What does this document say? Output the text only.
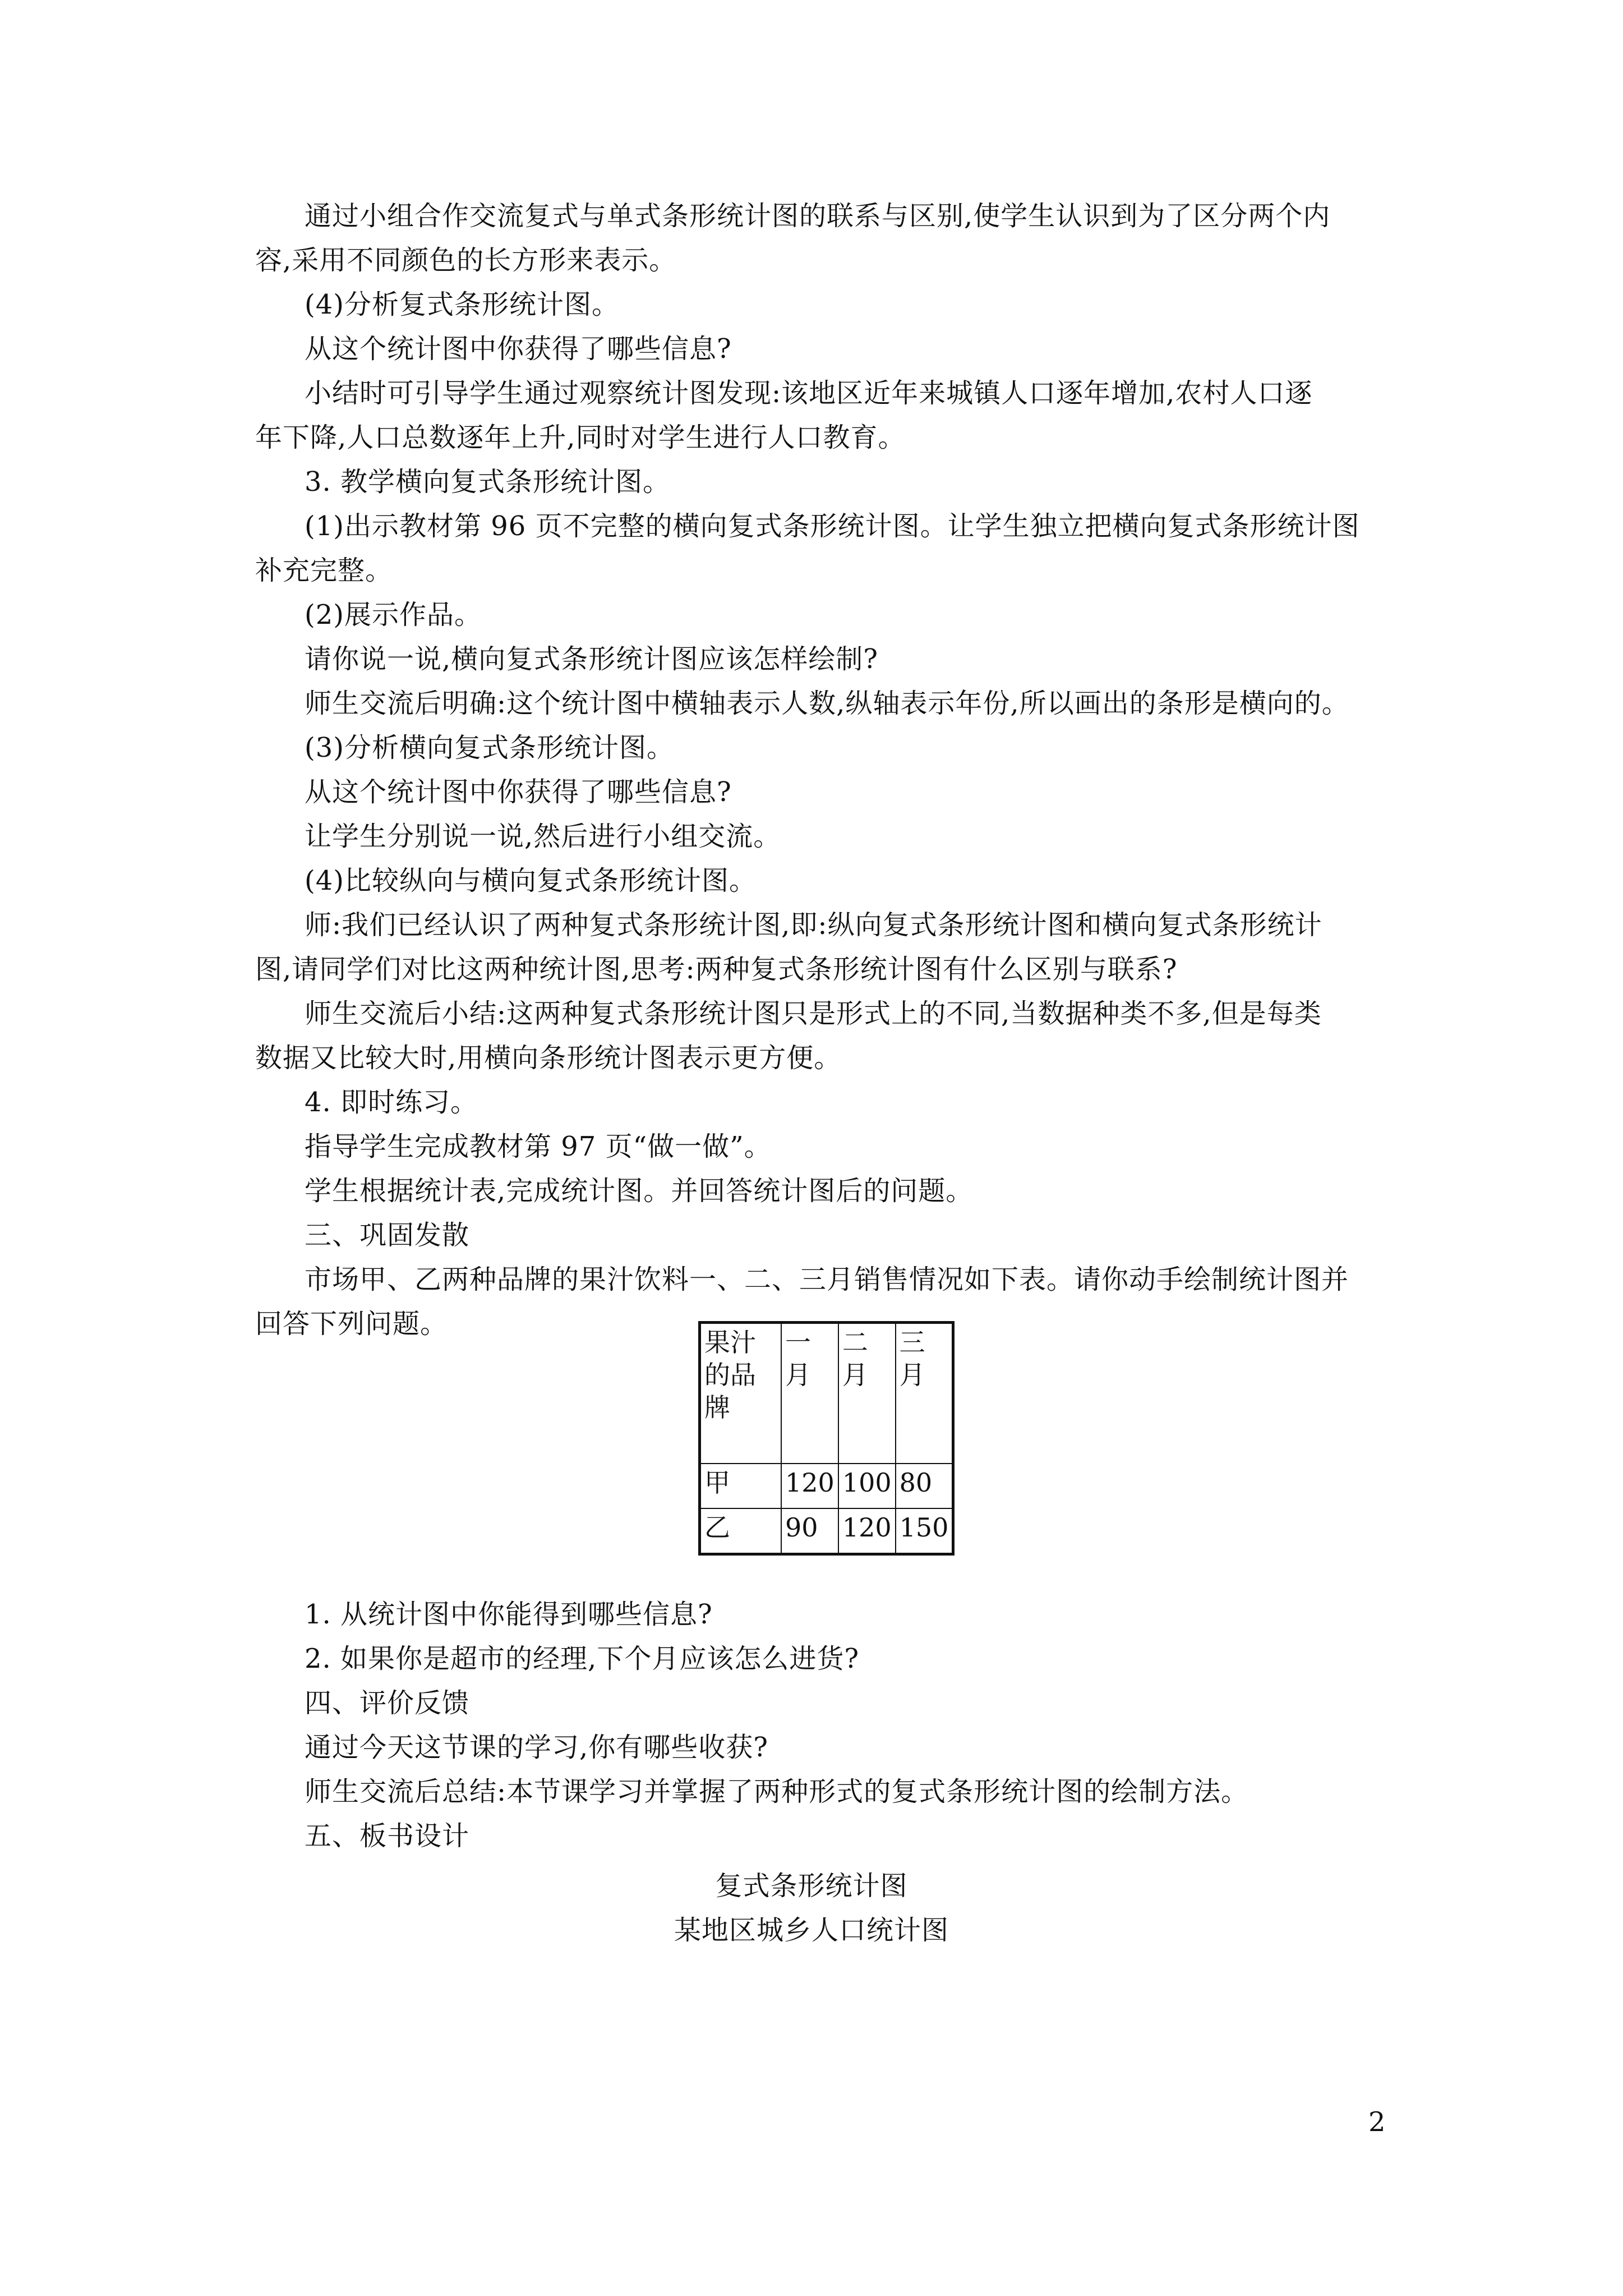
通过小组合作交流复式与单式条形统计图的联系与区别,使学生认识到为了区分两个内
容,采用不同颜色的长方形来表示。
(4)分析复式条形统计图。
从这个统计图中你获得了哪些信息?
小结时可引导学生通过观察统计图发现:该地区近年来城镇人口逐年增加,农村人口逐
年下降,人口总数逐年上升,同时对学生进行人口教育。
3. 教学横向复式条形统计图。
(1)出示教材第 96 页不完整的横向复式条形统计图。让学生独立把横向复式条形统计图
补充完整。
(2)展示作品。
请你说一说,横向复式条形统计图应该怎样绘制?
师生交流后明确:这个统计图中横轴表示人数,纵轴表示年份,所以画出的条形是横向的。
(3)分析横向复式条形统计图。
从这个统计图中你获得了哪些信息?
让学生分别说一说,然后进行小组交流。
(4)比较纵向与横向复式条形统计图。
师:我们已经认识了两种复式条形统计图,即:纵向复式条形统计图和横向复式条形统计
图,请同学们对比这两种统计图,思考:两种复式条形统计图有什么区别与联系?
师生交流后小结:这两种复式条形统计图只是形式上的不同,当数据种类不多,但是每类
数据又比较大时,用横向条形统计图表示更方便。
4. 即时练习。
指导学生完成教材第 97 页“做一做”。
学生根据统计表,完成统计图。并回答统计图后的问题。
三、巩固发散
市场甲、乙两种品牌的果汁饮料一、二、三月销售情况如下表。请你动手绘制统计图并
回答下列问题。
果汁的品牌	一月	二月	三月
甲	120	100	80
乙	90	120	150
1. 从统计图中你能得到哪些信息?
2. 如果你是超市的经理,下个月应该怎么进货?
四、评价反馈
通过今天这节课的学习,你有哪些收获?
师生交流后总结:本节课学习并掌握了两种形式的复式条形统计图的绘制方法。
五、板书设计
复式条形统计图
某地区城乡人口统计图
2
